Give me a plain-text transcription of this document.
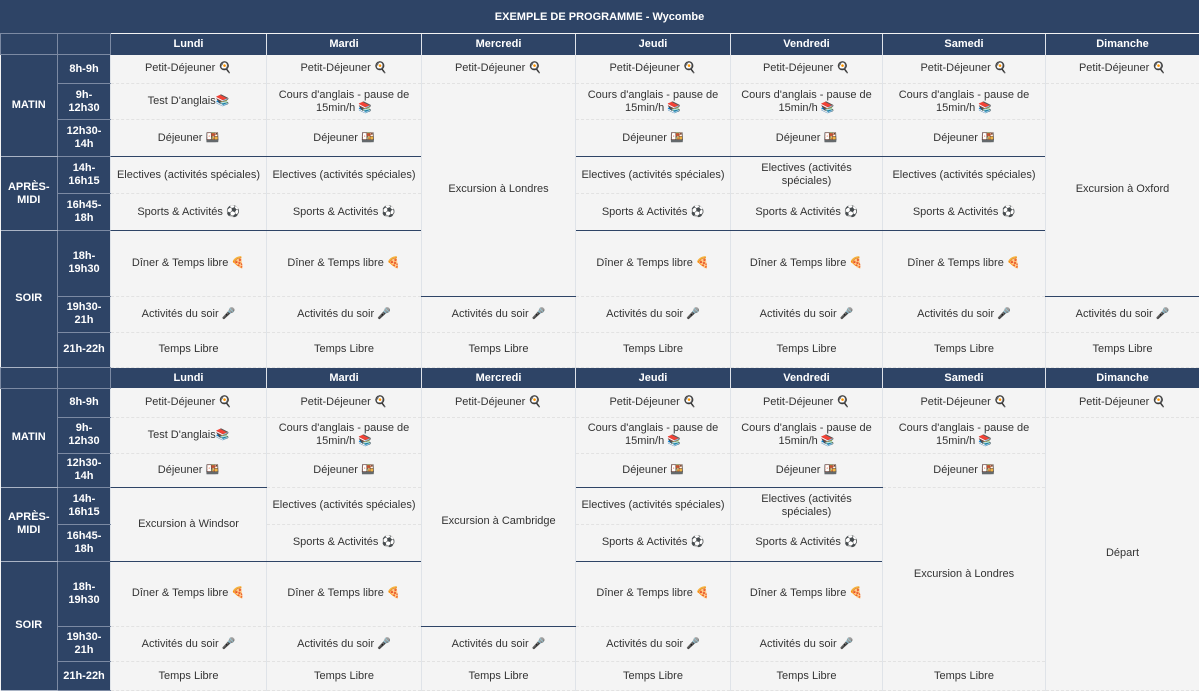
EXEMPLE DE PROGRAMME - Wycombe
		Lundi	Mardi	Mercredi	Jeudi	Vendredi	Samedi	Dimanche	
MATIN	8h-9h	Petit-Déjeuner 🍳	Petit-Déjeuner 🍳	Petit-Déjeuner 🍳	Petit-Déjeuner 🍳	Petit-Déjeuner 🍳	Petit-Déjeuner 🍳	Petit-Déjeuner 🍳	
	9h-12h30	Test D'anglais📚	Cours d'anglais - pause de 15min/h 📚	Excursion à Londres	Cours d'anglais - pause de 15min/h 📚	Cours d'anglais - pause de 15min/h 📚	Cours d'anglais - pause de 15min/h 📚	Excursion à Oxford	
	12h30-14h	Déjeuner 🍱	Déjeuner 🍱		Déjeuner 🍱	Déjeuner 🍱	Déjeuner 🍱		
APRÈS-MIDI	14h-16h15	Electives (activités spéciales)	Electives (activités spéciales)		Electives (activités spéciales)	Electives (activités spéciales)	Electives (activités spéciales)		
	16h45-18h	Sports & Activités ⚽	Sports & Activités ⚽		Sports & Activités ⚽	Sports & Activités ⚽	Sports & Activités ⚽		
SOIR	18h-19h30	Dîner & Temps libre 🍕	Dîner & Temps libre 🍕		Dîner & Temps libre 🍕	Dîner & Temps libre 🍕	Dîner & Temps libre 🍕		
	19h30-21h	Activités du soir 🎤	Activités du soir 🎤	Activités du soir 🎤	Activités du soir 🎤	Activités du soir 🎤	Activités du soir 🎤	Activités du soir 🎤	
	21h-22h	Temps Libre	Temps Libre	Temps Libre	Temps Libre	Temps Libre	Temps Libre	Temps Libre	
		Lundi	Mardi	Mercredi	Jeudi	Vendredi	Samedi	Dimanche	
MATIN	8h-9h	Petit-Déjeuner 🍳	Petit-Déjeuner 🍳	Petit-Déjeuner 🍳	Petit-Déjeuner 🍳	Petit-Déjeuner 🍳	Petit-Déjeuner 🍳	Petit-Déjeuner 🍳	
	9h-12h30	Test D'anglais📚	Cours d'anglais - pause de 15min/h 📚	Excursion à Cambridge	Cours d'anglais - pause de 15min/h 📚	Cours d'anglais - pause de 15min/h 📚	Cours d'anglais - pause de 15min/h 📚	Départ	
	12h30-14h	Déjeuner 🍱	Déjeuner 🍱		Déjeuner 🍱	Déjeuner 🍱	Déjeuner 🍱		
APRÈS-MIDI	14h-16h15	Excursion à Windsor	Electives (activités spéciales)		Electives (activités spéciales)	Electives (activités spéciales)	Excursion à Londres		
	16h45-18h		Sports & Activités ⚽		Sports & Activités ⚽	Sports & Activités ⚽			
SOIR	18h-19h30	Dîner & Temps libre 🍕	Dîner & Temps libre 🍕		Dîner & Temps libre 🍕	Dîner & Temps libre 🍕	
	19h30-21h	Activités du soir 🎤	Activités du soir 🎤	Activités du soir 🎤	Activités du soir 🎤	Activités du soir 🎤			
	21h-22h	Temps Libre	Temps Libre	Temps Libre	Temps Libre	Temps Libre	Temps Libre		
